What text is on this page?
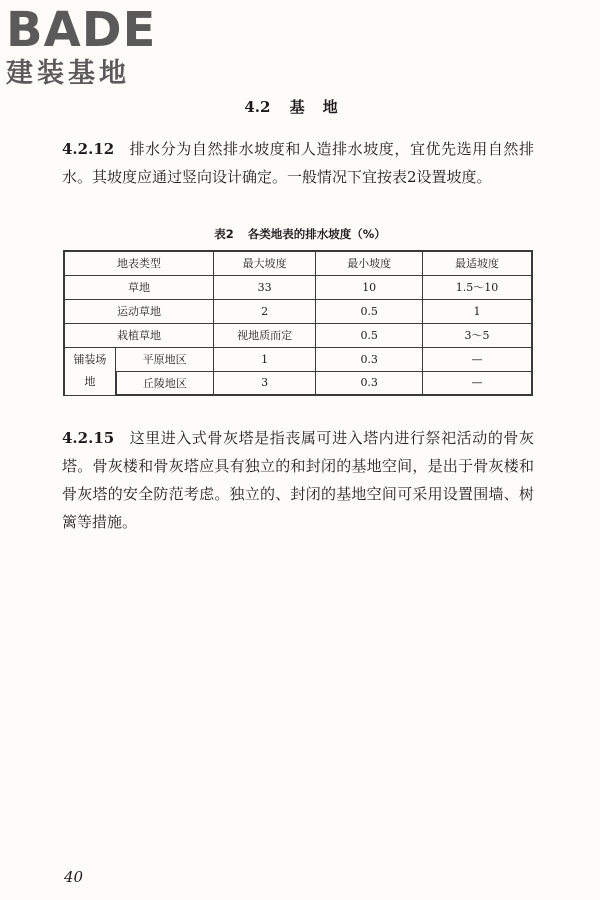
BADE
建装基地
4.2 基地
4.2.12 排水分为自然排水坡度和人造排水坡度，宜优先选用自然排水。其坡度应通过竖向设计确定。一般情况下宜按表2设置坡度。
表2 各类地表的排水坡度（%）
地表类型		最大坡度	最小坡度	最适坡度
草地		33	10	1.5～10
运动草地		2	0.5	1
栽植草地		视地质而定	0.5	3～5
铺装场地	平原地区	1	0.3	—
	丘陵地区	3	0.3	—
4.2.15 这里进入式骨灰塔是指丧属可进入塔内进行祭祀活动的骨灰塔。骨灰楼和骨灰塔应具有独立的和封闭的基地空间，是出于骨灰楼和骨灰塔的安全防范考虑。独立的、封闭的基地空间可采用设置围墙、树篱等措施。
40
